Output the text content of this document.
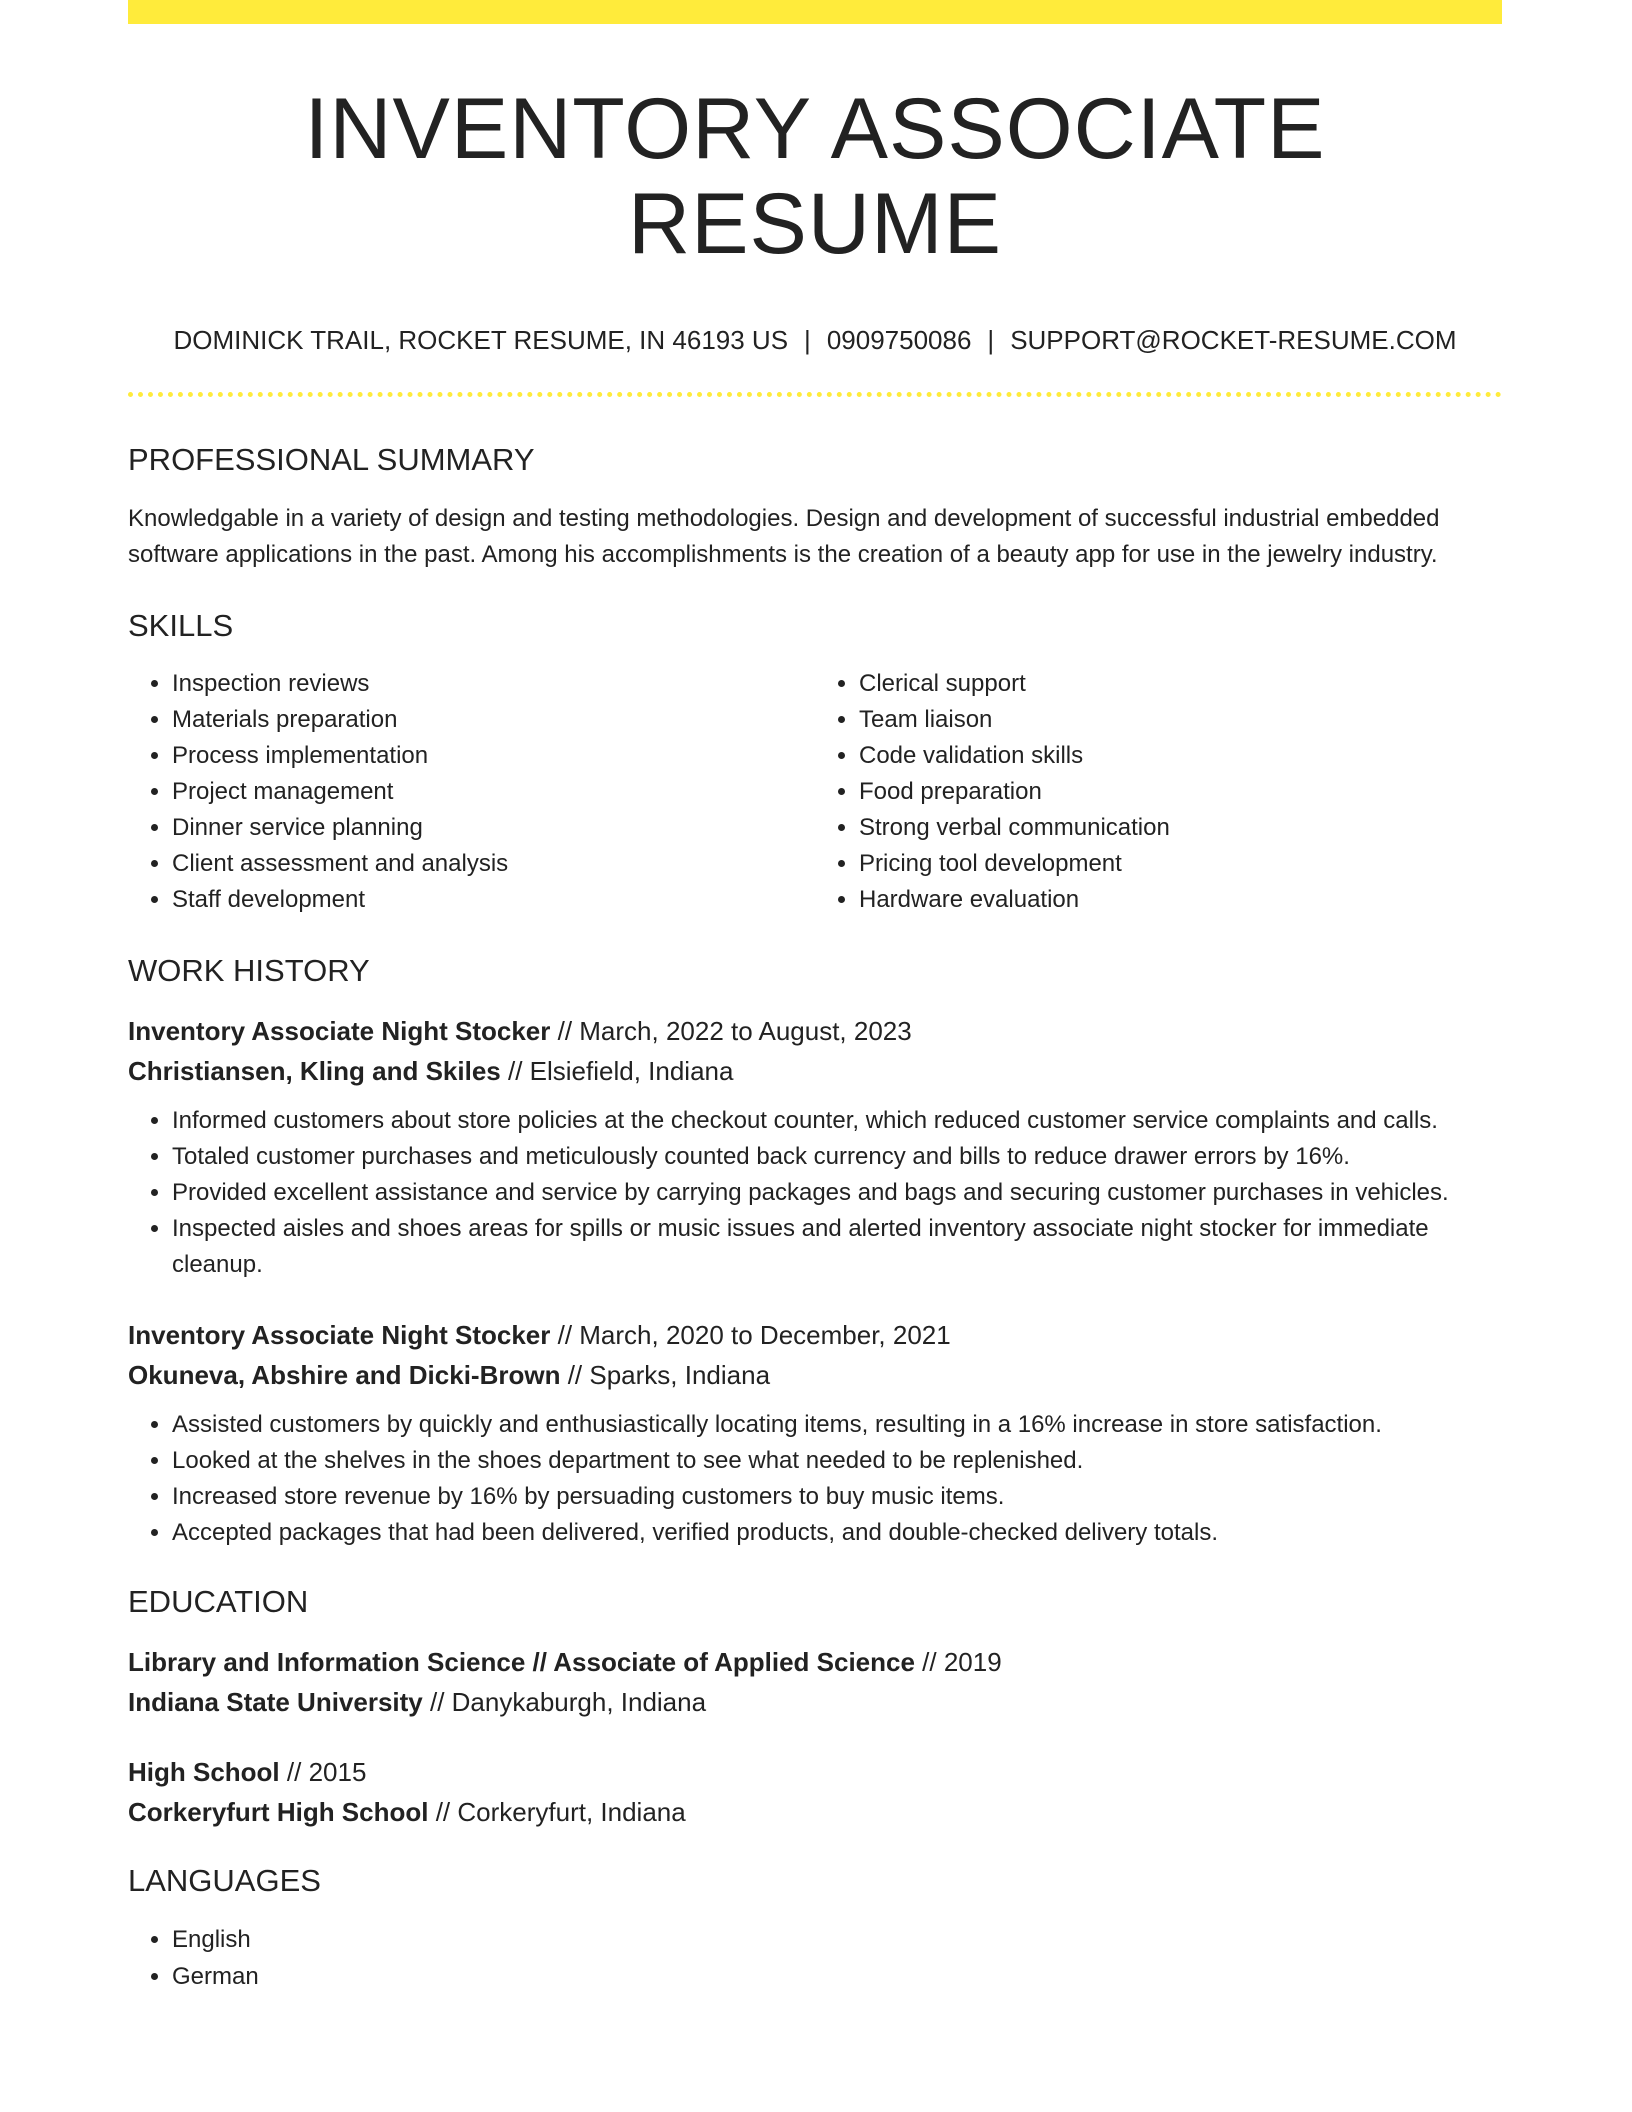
INVENTORY ASSOCIATE RESUME
DOMINICK TRAIL, ROCKET RESUME, IN 46193 US | 0909750086 | SUPPORT@ROCKET-RESUME.COM
PROFESSIONAL SUMMARY
Knowledgable in a variety of design and testing methodologies. Design and development of successful industrial embedded software applications in the past. Among his accomplishments is the creation of a beauty app for use in the jewelry industry.
SKILLS
• Inspection reviews
• Materials preparation
• Process implementation
• Project management
• Dinner service planning
• Client assessment and analysis
• Staff development
• Clerical support
• Team liaison
• Code validation skills
• Food preparation
• Strong verbal communication
• Pricing tool development
• Hardware evaluation
WORK HISTORY
Inventory Associate Night Stocker // March, 2022 to August, 2023
Christiansen, Kling and Skiles // Elsiefield, Indiana
• Informed customers about store policies at the checkout counter, which reduced customer service complaints and calls.
• Totaled customer purchases and meticulously counted back currency and bills to reduce drawer errors by 16%.
• Provided excellent assistance and service by carrying packages and bags and securing customer purchases in vehicles.
• Inspected aisles and shoes areas for spills or music issues and alerted inventory associate night stocker for immediate cleanup.
Inventory Associate Night Stocker // March, 2020 to December, 2021
Okuneva, Abshire and Dicki-Brown // Sparks, Indiana
• Assisted customers by quickly and enthusiastically locating items, resulting in a 16% increase in store satisfaction.
• Looked at the shelves in the shoes department to see what needed to be replenished.
• Increased store revenue by 16% by persuading customers to buy music items.
• Accepted packages that had been delivered, verified products, and double-checked delivery totals.
EDUCATION
Library and Information Science // Associate of Applied Science // 2019
Indiana State University // Danykaburgh, Indiana
High School // 2015
Corkeryfurt High School // Corkeryfurt, Indiana
LANGUAGES
• English
• German
